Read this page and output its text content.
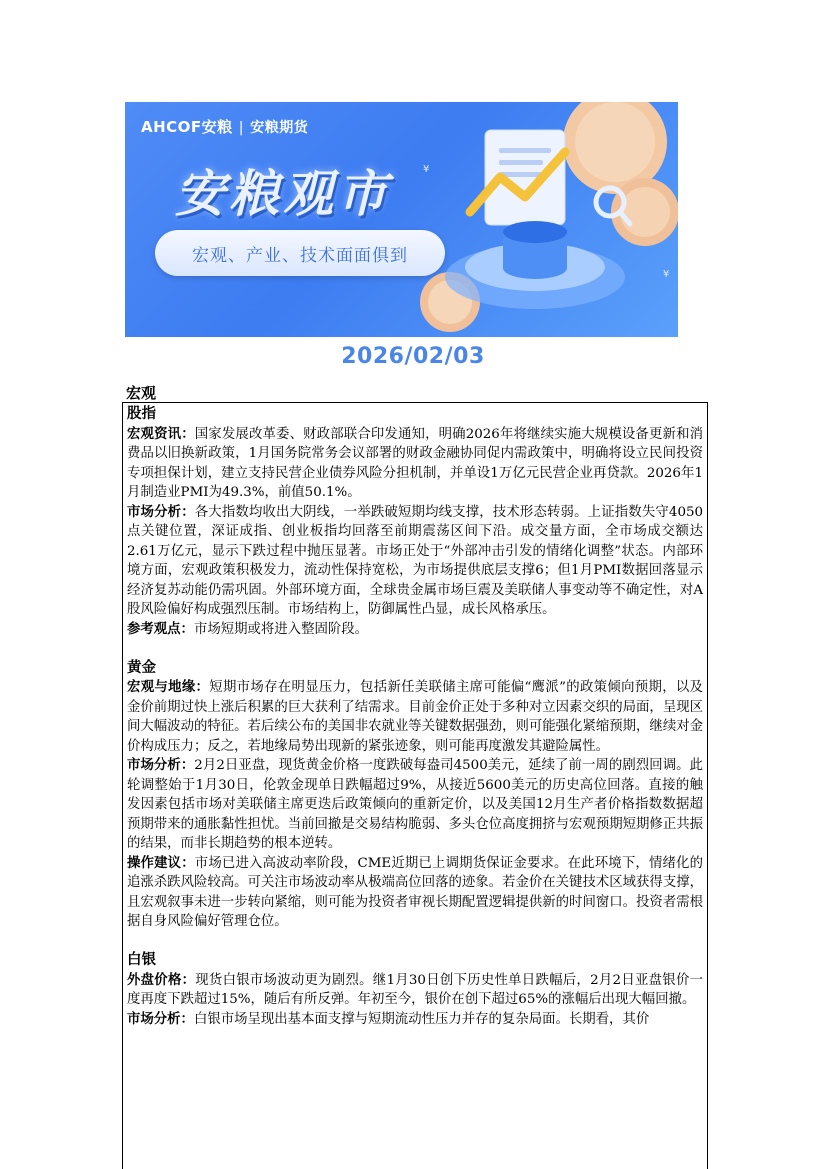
AHCOF安粮 | 安粮期货
安粮观市
宏观、产业、技术面面俱到
¥
¥
2026/02/03
宏观
股指

宏观资讯：国家发展改革委、财政部联合印发通知，明确2026年将继续实施大规模设备更新和消费品以旧换新政策，1月国务院常务会议部署的财政金融协同促内需政策中，明确将设立民间投资专项担保计划，建立支持民营企业债券风险分担机制，并单设1万亿元民营企业再贷款。2026年1月制造业PMI为49.3%，前值50.1%。

市场分析：各大指数均收出大阴线，一举跌破短期均线支撑，技术形态转弱。上证指数失守4050点关键位置，深证成指、创业板指均回落至前期震荡区间下沿。成交量方面，全市场成交额达2.61万亿元，显示下跌过程中抛压显著。市场正处于“外部冲击引发的情绪化调整”状态。内部环境方面，宏观政策积极发力，流动性保持宽松，为市场提供底层支撑6；但1月PMI数据回落显示经济复苏动能仍需巩固。外部环境方面，全球贵金属市场巨震及美联储人事变动等不确定性，对A股风险偏好构成强烈压制。市场结构上，防御属性凸显，成长风格承压。

参考观点：市场短期或将进入整固阶段。

黄金

宏观与地缘：短期市场存在明显压力，包括新任美联储主席可能偏“鹰派”的政策倾向预期，以及金价前期过快上涨后积累的巨大获利了结需求。目前金价正处于多种对立因素交织的局面，呈现区间大幅波动的特征。若后续公布的美国非农就业等关键数据强劲，则可能强化紧缩预期，继续对金价构成压力；反之，若地缘局势出现新的紧张迹象，则可能再度激发其避险属性。

市场分析：2月2日亚盘，现货黄金价格一度跌破每盎司4500美元，延续了前一周的剧烈回调。此轮调整始于1月30日，伦敦金现单日跌幅超过9%，从接近5600美元的历史高位回落。直接的触发因素包括市场对美联储主席更迭后政策倾向的重新定价，以及美国12月生产者价格指数数据超预期带来的通胀黏性担忧。当前回撤是交易结构脆弱、多头仓位高度拥挤与宏观预期短期修正共振的结果，而非长期趋势的根本逆转。

操作建议：市场已进入高波动率阶段，CME近期已上调期货保证金要求。在此环境下，情绪化的追涨杀跌风险较高。可关注市场波动率从极端高位回落的迹象。若金价在关键技术区域获得支撑，且宏观叙事未进一步转向紧缩，则可能为投资者审视长期配置逻辑提供新的时间窗口。投资者需根据自身风险偏好管理仓位。

白银

外盘价格：现货白银市场波动更为剧烈。继1月30日创下历史性单日跌幅后，2月2日亚盘银价一度再度下跌超过15%，随后有所反弹。年初至今，银价在创下超过65%的涨幅后出现大幅回撤。

市场分析：白银市场呈现出基本面支撑与短期流动性压力并存的复杂局面。长期看，其价
